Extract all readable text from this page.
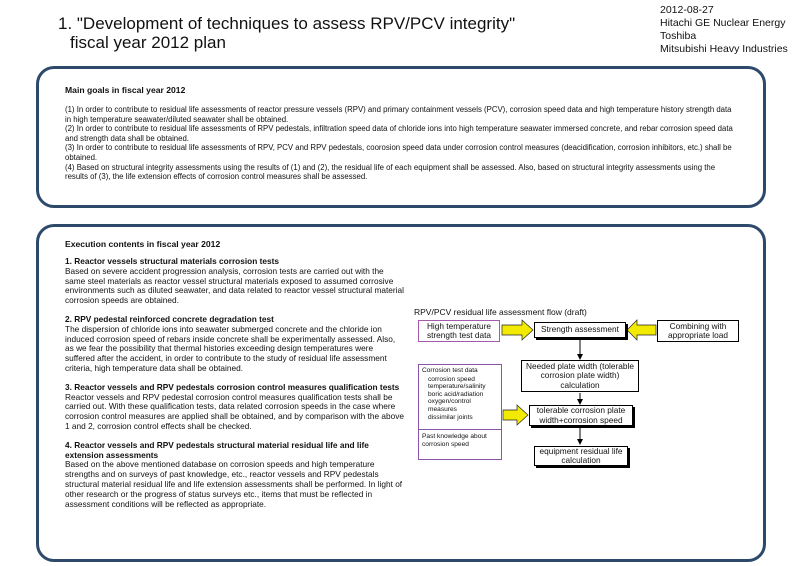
1. "Development of techniques to assess RPV/PCV integrity"
fiscal year 2012 plan
2012-08-27
Hitachi GE Nuclear Energy
Toshiba
Mitsubishi Heavy Industries
Main goals in fiscal year 2012

(1) In order to contribute to residual life assessments of reactor pressure vessels (RPV) and primary containment vessels (PCV), corrosion speed data and high temperature history strength data in high temperature seawater/diluted seawater shall be obtained.

(2) In order to contribute to residual life assessments of RPV pedestals, infiltration speed data of chloride ions into high temperature seawater immersed concrete, and rebar corrosion speed data and strength data shall be obtained.

(3) In order to contribute to residual life assessments of RPV, PCV and RPV pedestals, coorosion speed data under corrosion control measures (deacidification, corrosion inhibitors, etc.) shall be obtained.

(4) Based on structural integrity assessments using the results of (1) and (2), the residual life of each equipment shall be assessed. Also, based on structural integrity assessments using the results of (3), the life extension effects of corrosion control measures shall be assessed.

Execution contents in fiscal year 2012

1. Reactor vessels structural materials corrosion tests

Based on severe accident progression analysis, corrosion tests are carried out with the same steel materials as reactor vessel structural materials exposed to assumed corrosive environments such as diluted seawater, and data related to reactor vessel structural material corrosion speeds are obtained.

2. RPV pedestal reinforced concrete degradation test

The dispersion of chloride ions into seawater submerged concrete and the chloride ion induced corrosion speed of rebars inside concrete shall be experimentally assessed. Also, as we fear the possibility that thermal histories exceeding design temperatures were suffered after the accident, in order to contribute to the study of residual life assessment criteria, high temperature data shall be obtained.

3. Reactor vessels and RPV pedestals corrosion control measures qualification tests

Reactor vessels and RPV pedestal corrosion control measures qualification tests shall be carried out. With these qualification tests, data related corrosion speeds in the case where corrosion control measures are applied shall be obtained, and by comparison with the above 1 and 2, corrosion control effects shall be checked.

4. Reactor vessels and RPV pedestals structural material residual life and life extension assessments

Based on the above mentioned database on corrosion speeds and high temperature strengths and on surveys of past knowledge, etc., reactor vessels and RPV pedestals structural material residual life and life extension assessments shall be performed. In light of other research or the progress of status surveys etc., items that must be reflected in assessment conditions will be reflected as appropriate.

RPV/PCV residual life assessment flow (draft)
High temperature strength test data
Strength assessment	Combining with appropriate load
Needed plate width (tolerable corrosion plate width) calculation
Corrosion test data
corrosion speed
temperature/salinity
boric acid/radiation
oxygen/control measures
dissimilar joints
Past knowledge about corrosion speed
tolerable corrosion plate width+corrosion speed
equipment residual life calculation
